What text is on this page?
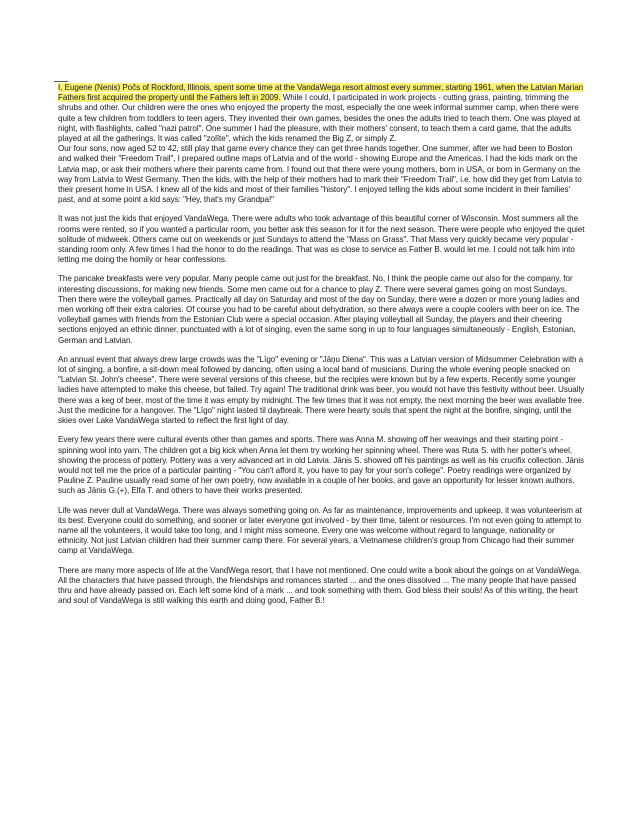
I, Eugene (Nenis) Počs of Rockford, Illinois, spent some time at the VandaWega resort almost every summer, starting 1961, when the Latvian Marian Fathers first acquired the property until the Fathers left in 2009. While I could, I participated in work projects - cutting grass, painting, trimming the shrubs and other. Our children were the ones who enjoyed the property the most, especially the one week informal summer camp, when there were quite a few children from toddlers to teen agers. They invented their own games, besides the ones the adults tried to teach them. One was played at night, with flashlights, called "nazi patrol". One summer I had the pleasure, with their mothers' consent, to teach them a card game, that the adults played at all the gatherings. It was called "zolīte", which the kids renamed the Big Z, or simply Z.

Our four sons, now aged 52 to 42, still play that game every chance they can get three hands together. One summer, after we had been to Boston and walked their "Freedom Trail", I prepared outline maps of Latvia and of the world - showing Europe and the Americas. I had the kids mark on the Latvia map, or ask their mothers where their parents came from. I found out that there were young mothers, born in USA, or born in Germany on the way from Latvia to West Germany. Then the kids, with the help of their mothers had to mark their "Freedom Trail", i.e. how did they get from Latvia to their present home in USA. I knew all of the kids and most of their families "history". I enjoyed telling the kids about some incident in their families' past, and at some point a kid says: "Hey, that's my Grandpa!"

It was not just the kids that enjoyed VandaWega. There were adults who took advantage of this beautiful corner of Wisconsin. Most summers all the rooms were rented, so if you wanted a particular room, you better ask this season for it for the next season. There were people who enjoyed the quiet solitude of midweek. Others came out on weekends or just Sundays to attend the "Mass on Grass". That Mass very quickly became very popular - standing room only. A few times I had the honor to do the readings. That was as close to service as Father B. would let me. I could not talk him into letting me doing the homily or hear confessions.

The pancake breakfasts were very popular. Many people came out just for the breakfast. No, I think the people came out also for the company, for interesting discussions, for making new friends. Some men came out for a chance to play Z. There were several games going on most Sundays. Then there were the volleyball games. Practically all day on Saturday and most of the day on Sunday, there were a dozen or more young ladies and men working off their extra calories. Of course you had to be careful about dehydration, so there always were a couple coolers with beer on ice. The volleyball games with friends from the Estonian Club were a special occasion. After playing volleyball all Sunday, the players and their cheering sections enjoyed an ethnic dinner, punctuated with a lot of singing, even the same song in up to four languages simultaneously - English, Estonian, German and Latvian.

An annual event that always drew large crowds was the "Līgo" evening or "Jāņu Diena". This was a Latvian version of Midsummer Celebration with a lot of singing, a bonfire, a sit-down meal followed by dancing, often using a local band of musicians. During the whole evening people snacked on "Latvian St. John's cheese". There were several versions of this cheese, but the recipies were known but by a few experts. Recently some younger ladies have attempted to make this cheese, but failed. Try again! The traditional drink was beer, you would not have this festivity without beer. Usually there was a keg of beer, most of the time it was empty by midnight. The few times that it was not empty, the next morning the beer was available free. Just the medicine for a hangover. The "Līgo" night lasted til daybreak. There were hearty souls that spent the night at the bonfire, singing, until the skies over Lake VandaWega started to reflect the first light of day.

Every few years there were cultural events other than games and sports. There was Anna M. showing off her weavings and their starting point - spinning wool into yarn. The children got a big kick when Anna let them try working her spinning wheel. There was Ruta S. with her potter's wheel, showing the process of pottery. Pottery was a very advanced art in old Latvia. Jānis S. showed off his paintings as well as his crucifix collection. Jānis would not tell me the price of a particular painting - "You can't afford it, you have to pay for your son's college". Poetry readings were organized by Pauline Z. Pauline usually read some of her own poetry, now available in a couple of her books, and gave an opportunity for lesser known authors, such as Jānis G.(+), Elfa T. and others to have their works presented.

Life was never dull at VandaWega. There was always something going on. As far as maintenance, improvements and upkeep, it was volunteerism at its best. Everyone could do something, and sooner or later everyone got involved - by their time, talent or resources. I'm not even going to attempt to name all the volunteers, it would take too long, and I might miss someone. Every one was welcome without regard to language, nationality or ethnicity. Not just Latvian children had their summer camp there. For several years, a Vietnamese children's group from Chicago had their summer camp at VandaWega.

There are many more aspects of life at the VandWega resort, that I have not mentioned. One could write a book about the goings on at VandaWega. All the characters that have passed through, the friendships and romances started ... and the ones dissolved ... The many people that have passed thru and have already passed on. Each left some kind of a mark ... and took something with them. God bless their souls! As of this writing, the heart and soul of VandaWega is still walking this earth and doing good, Father B.!
